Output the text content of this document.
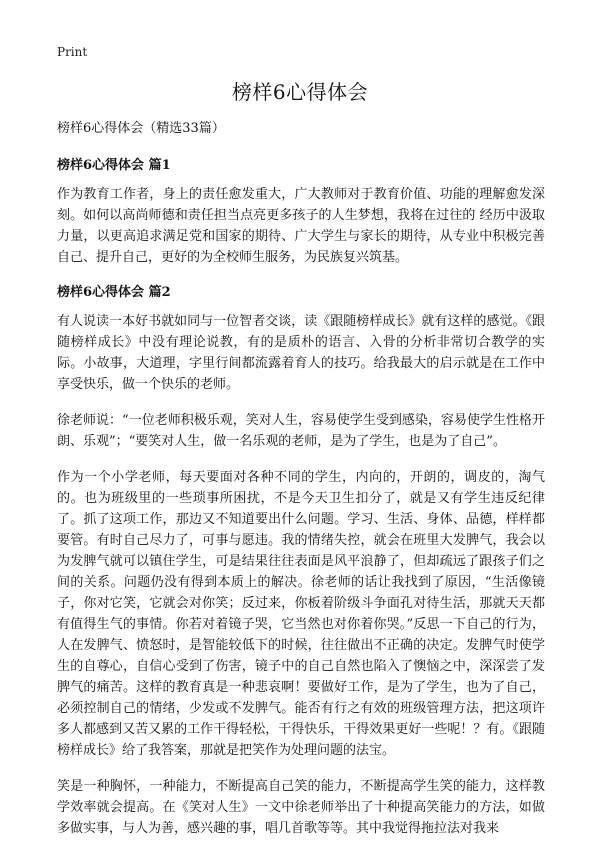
Print
榜样6心得体会

榜样6心得体会（精选33篇）

榜样6心得体会 篇1

作为教育工作者，身上的责任愈发重大，广大教师对于教育价值、功能的理解愈发深刻。如何以高尚师德和责任担当点亮更多孩子的人生梦想，我将在过往的 经历中汲取力量，以更高追求满足党和国家的期待、广大学生与家长的期待，从专业中积极完善自己、提升自己，更好的为全校师生服务，为民族复兴筑基。

榜样6心得体会 篇2

有人说读一本好书就如同与一位智者交谈，读《跟随榜样成长》就有这样的感觉。《跟随榜样成长》中没有理论说教，有的是质朴的语言、入骨的分析非常切合教学的实际。小故事，大道理，字里行间都流露着育人的技巧。给我最大的启示就是在工作中享受快乐，做一个快乐的老师。

徐老师说：“一位老师积极乐观，笑对人生，容易使学生受到感染，容易使学生性格开朗、乐观”；“要笑对人生，做一名乐观的老师，是为了学生，也是为了自己”。

作为一个小学老师，每天要面对各种不同的学生，内向的，开朗的，调皮的，淘气的。也为班级里的一些琐事所困扰，不是今天卫生扣分了，就是又有学生违反纪律了。抓了这项工作，那边又不知道要出什么问题。学习、生活、身体、品德，样样都要管。有时自己尽力了，可事与愿违。我的情绪失控，就会在班里大发脾气，我会以为发脾气就可以镇住学生，可是结果往往表面是风平浪静了，但却疏远了跟孩子们之间的关系。问题仍没有得到本质上的解决。徐老师的话让我找到了原因，“生活像镜子，你对它笑，它就会对你笑；反过来，你板着阶级斗争面孔对待生活，那就天天都有值得生气的事情。你若对着镜子哭，它当然也对你着你哭。”反思一下自己的行为，人在发脾气、愤怒时，是智能较低下的时候，往往做出不正确的决定。发脾气时使学生的自尊心，自信心受到了伤害，镜子中的自己自然也陷入了懊恼之中，深深尝了发脾气的痛苦。这样的教育真是一种悲哀啊！要做好工作，是为了学生，也为了自己，必须控制自己的情绪，少发或不发脾气。能否有行之有效的班级管理方法，把这项许多人都感到又苦又累的工作干得轻松，干得快乐，干得效果更好一些呢！？有。《跟随榜样成长》给了我答案，那就是把笑作为处理问题的法宝。

笑是一种胸怀，一种能力，不断提高自己笑的能力，不断提高学生笑的能力，这样教学效率就会提高。在《笑对人生》一文中徐老师举出了十种提高笑能力的方法，如做多做实事，与人为善，感兴趣的事，唱几首歌等等。其中我觉得拖拉法对我来
